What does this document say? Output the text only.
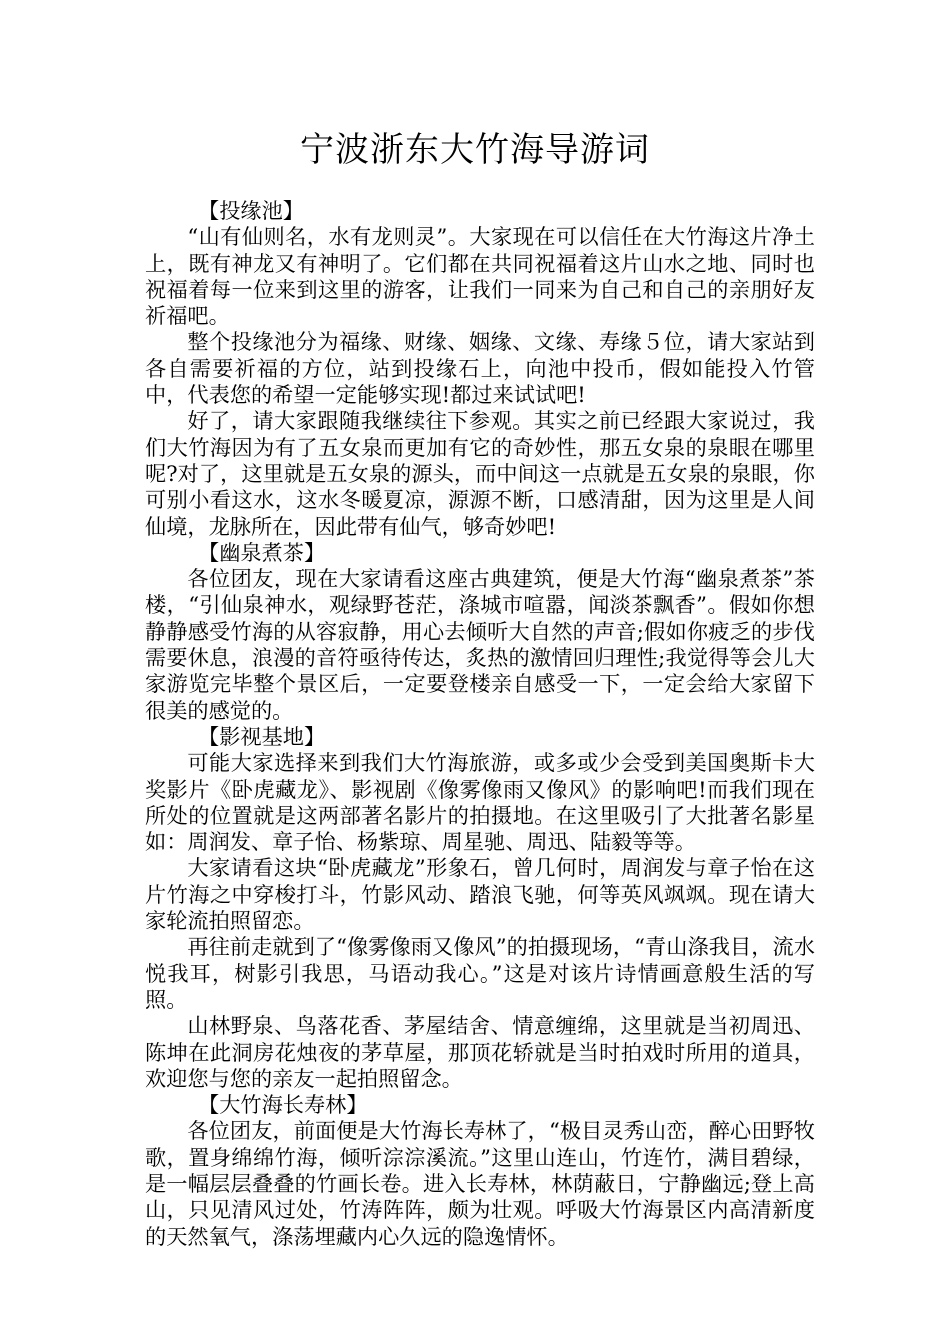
宁波浙东大竹海导游词

【投缘池】

“山有仙则名，水有龙则灵”。大家现在可以信任在大竹海这片净土上，既有神龙又有神明了。它们都在共同祝福着这片山水之地、同时也祝福着每一位来到这里的游客，让我们一同来为自己和自己的亲朋好友祈福吧。

整个投缘池分为福缘、财缘、姻缘、文缘、寿缘５位，请大家站到各自需要祈福的方位，站到投缘石上，向池中投币，假如能投入竹管中，代表您的希望一定能够实现!都过来试试吧!

好了，请大家跟随我继续往下参观。其实之前已经跟大家说过，我们大竹海因为有了五女泉而更加有它的奇妙性，那五女泉的泉眼在哪里呢?对了，这里就是五女泉的源头，而中间这一点就是五女泉的泉眼，你可别小看这水，这水冬暖夏凉，源源不断，口感清甜，因为这里是人间仙境，龙脉所在，因此带有仙气，够奇妙吧!

【幽泉煮茶】

各位团友，现在大家请看这座古典建筑，便是大竹海“幽泉煮茶”茶楼，“引仙泉神水，观绿野苍茫，涤城市喧嚣，闻淡茶飘香”。假如你想静静感受竹海的从容寂静，用心去倾听大自然的声音;假如你疲乏的步伐需要休息，浪漫的音符亟待传达，炙热的激情回归理性;我觉得等会儿大家游览完毕整个景区后，一定要登楼亲自感受一下，一定会给大家留下很美的感觉的。

【影视基地】

可能大家选择来到我们大竹海旅游，或多或少会受到美国奥斯卡大奖影片《卧虎藏龙》、影视剧《像雾像雨又像风》的影响吧!而我们现在所处的位置就是这两部著名影片的拍摄地。在这里吸引了大批著名影星如：周润发、章子怡、杨紫琼、周星驰、周迅、陆毅等等。

大家请看这块“卧虎藏龙”形象石，曾几何时，周润发与章子怡在这片竹海之中穿梭打斗，竹影风动、踏浪飞驰，何等英风飒飒。现在请大家轮流拍照留恋。

再往前走就到了“像雾像雨又像风”的拍摄现场，“青山涤我目，流水悦我耳，树影引我思，马语动我心。”这是对该片诗情画意般生活的写照。

山林野泉、鸟落花香、茅屋结舍、情意缠绵，这里就是当初周迅、陈坤在此洞房花烛夜的茅草屋，那顶花轿就是当时拍戏时所用的道具，欢迎您与您的亲友一起拍照留念。

【大竹海长寿林】

各位团友，前面便是大竹海长寿林了，“极目灵秀山峦，醉心田野牧歌，置身绵绵竹海，倾听淙淙溪流。”这里山连山，竹连竹，满目碧绿，是一幅层层叠叠的竹画长卷。进入长寿林，林荫蔽日，宁静幽远;登上高山，只见清风过处，竹涛阵阵，颇为壮观。呼吸大竹海景区内高清新度的天然氧气，涤荡埋藏内心久远的隐逸情怀。
